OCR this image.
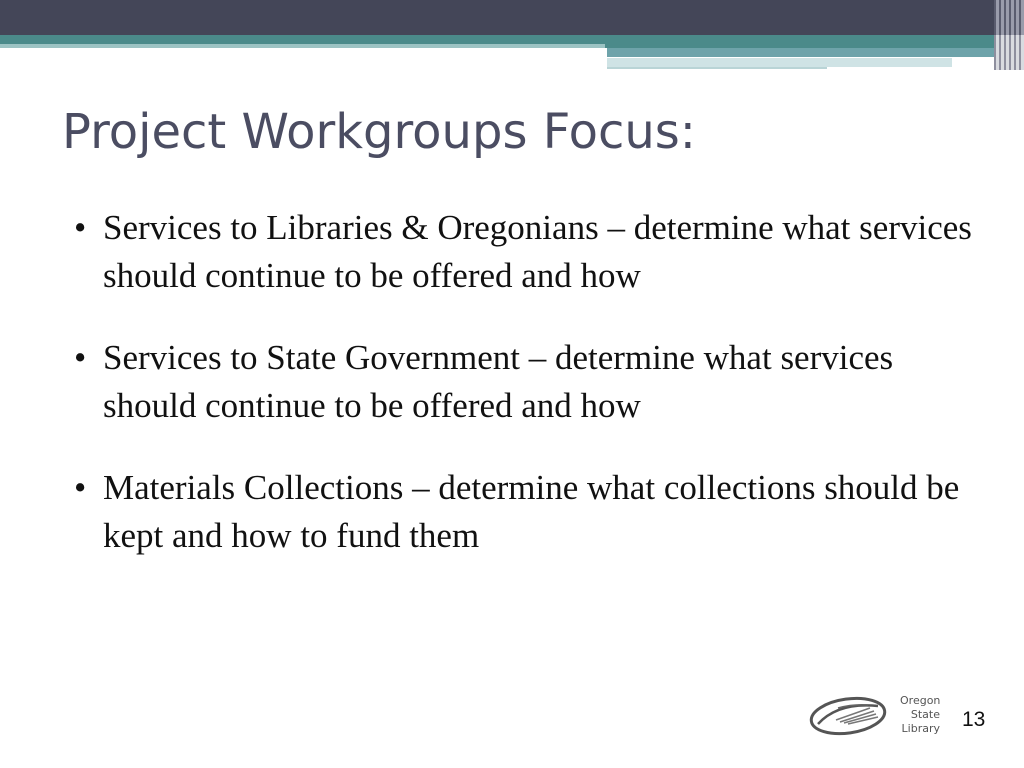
Project Workgroups Focus:
• Services to Libraries & Oregonians – determine what services should continue to be offered and how
• Services to State Government – determine what services should continue to be offered and how
• Materials Collections – determine what collections should be kept and how to fund them
Oregon
State
Library 13
